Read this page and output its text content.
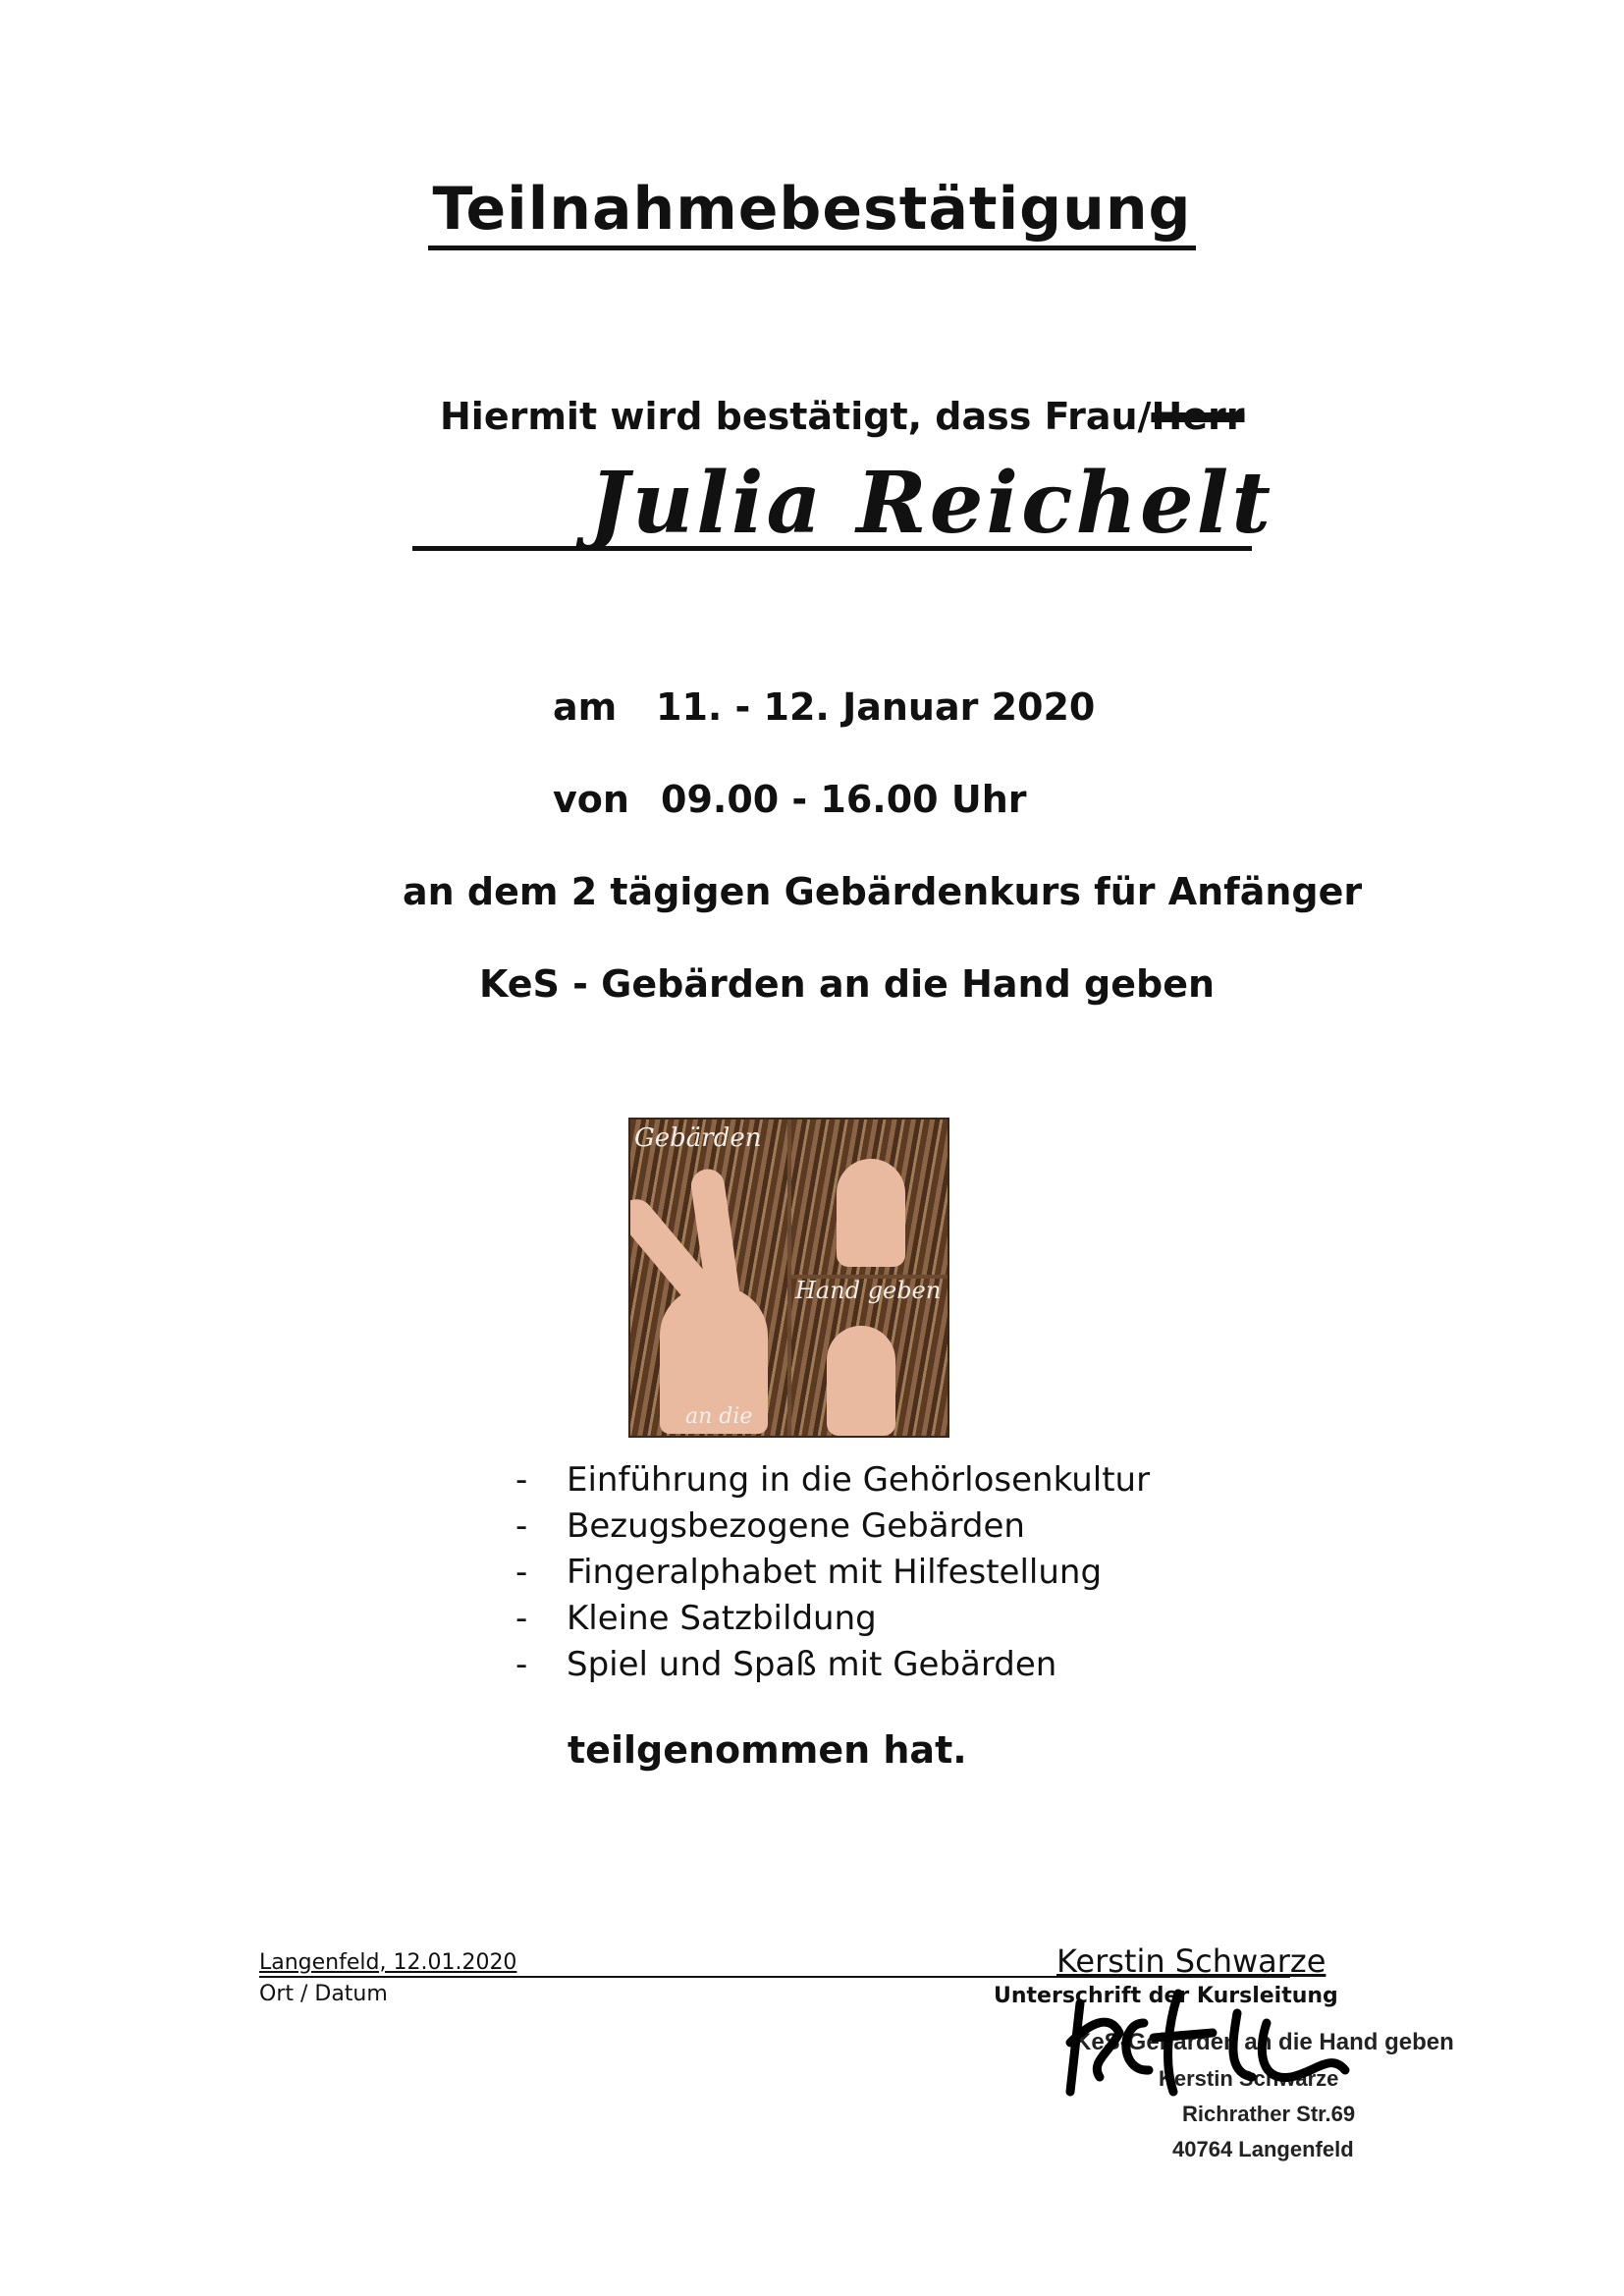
Teilnahmebestätigung
Hiermit wird bestätigt, dass Frau/Herr
Julia Reichelt
am 11. - 12. Januar 2020
von 09.00 - 16.00 Uhr
an dem 2 tägigen Gebärdenkurs für Anfänger
KeS - Gebärden an die Hand geben
Gebärden
Hand geben
an die
- Einführung in die Gehörlosenkultur
- Bezugsbezogene Gebärden
- Fingeralphabet mit Hilfestellung
- Kleine Satzbildung
- Spiel und Spaß mit Gebärden
teilgenommen hat.
Langenfeld, 12.01.2020
Ort / Datum
Kerstin Schwarze
Unterschrift der Kursleitung
KeS-Gebärden an die Hand geben
Kerstin Schwarze
Richrather Str.69
40764 Langenfeld
